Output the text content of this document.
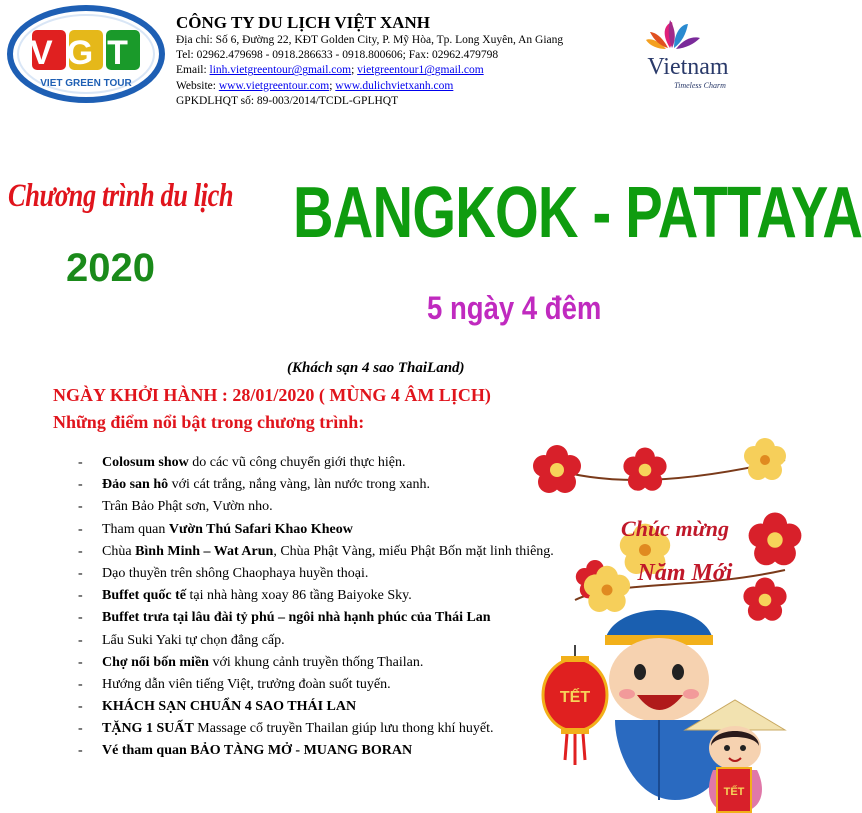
VGT
VIET GREEN TOUR
CÔNG TY DU LỊCH VIỆT XANH
Địa chỉ: Số 6, Đường 22, KĐT Golden City, P. Mỹ Hòa, Tp. Long Xuyên, An Giang
Tel: 02962.479698 - 0918.286633 - 0918.800606; Fax: 02962.479798
Email: linh.vietgreentour@gmail.com; vietgreentour1@gmail.com
Website: www.vietgreentour.com; www.dulichvietxanh.com
GPKDLHQT số: 89-003/2014/TCDL-GPLHQT
Vietnam
Timeless Charm
Chương trình du lịch
2020
BANGKOK - PATTAYA
5 ngày 4 đêm
(Khách sạn 4 sao ThaiLand)
NGÀY KHỞI HÀNH : 28/01/2020 ( MÙNG 4 ÂM LỊCH)
Những điểm nổi bật trong chương trình:
- Colosum show do các vũ công chuyển giới thực hiện.
- Đảo san hô với cát trắng, nắng vàng, làn nước trong xanh.
- Trân Bảo Phật sơn, Vườn nho.
- Tham quan Vườn Thú Safari Khao Kheow
- Chùa Bình Minh – Wat Arun, Chùa Phật Vàng, miếu Phật Bốn mặt linh thiêng.
- Dạo thuyền trên shông Chaophaya huyền thoại.
- Buffet quốc tế tại nhà hàng xoay 86 tầng Baiyoke Sky.
- Buffet trưa tại lâu đài tỷ phú – ngôi nhà hạnh phúc của Thái Lan
- Lẩu Suki Yaki tự chọn đẳng cấp.
- Chợ nổi bốn miền với khung cảnh truyền thống Thailan.
- Hướng dẫn viên tiếng Việt, trưởng đoàn suốt tuyến.
- KHÁCH SẠN CHUẨN 4 SAO THÁI LAN
- TẶNG 1 SUẤT Massage cổ truyền Thailan giúp lưu thong khí huyết.
- Vé tham quan BẢO TÀNG MỞ - MUANG BORAN
Chúc mừng
Năm Mới
TẾT
TẾT
